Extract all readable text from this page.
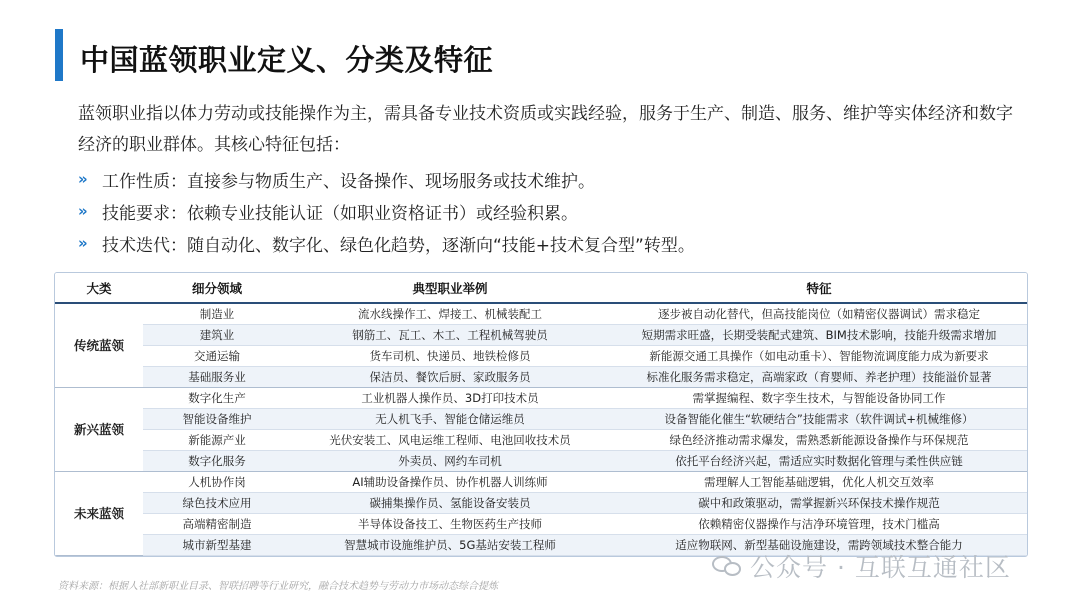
中国蓝领职业定义、分类及特征

蓝领职业指以体力劳动或技能操作为主，需具备专业技术资质或实践经验，服务于生产、制造、服务、维护等实体经济和数字经济的职业群体。其核心特征包括：

» 工作性质：直接参与物质生产、设备操作、现场服务或技术维护。
» 技能要求：依赖专业技能认证（如职业资格证书）或经验积累。
» 技术迭代：随自动化、数字化、绿色化趋势，逐渐向“技能+技术复合型”转型。
大类	细分领域	典型职业举例	特征
传统蓝领	制造业	流水线操作工、焊接工、机械装配工	逐步被自动化替代，但高技能岗位（如精密仪器调试）需求稳定
	建筑业	钢筋工、瓦工、木工、工程机械驾驶员	短期需求旺盛，长期受装配式建筑、BIM技术影响，技能升级需求增加
	交通运输	货车司机、快递员、地铁检修员	新能源交通工具操作（如电动重卡）、智能物流调度能力成为新要求
	基础服务业	保洁员、餐饮后厨、家政服务员	标准化服务需求稳定，高端家政（育婴师、养老护理）技能溢价显著
新兴蓝领	数字化生产	工业机器人操作员、3D打印技术员	需掌握编程、数字孪生技术，与智能设备协同工作
	智能设备维护	无人机飞手、智能仓储运维员	设备智能化催生“软硬结合”技能需求（软件调试+机械维修）
	新能源产业	光伏安装工、风电运维工程师、电池回收技术员	绿色经济推动需求爆发，需熟悉新能源设备操作与环保规范
	数字化服务	外卖员、网约车司机	依托平台经济兴起，需适应实时数据化管理与柔性供应链
未来蓝领	人机协作岗	AI辅助设备操作员、协作机器人训练师	需理解人工智能基础逻辑，优化人机交互效率
	绿色技术应用	碳捕集操作员、氢能设备安装员	碳中和政策驱动，需掌握新兴环保技术操作规范
	高端精密制造	半导体设备技工、生物医药生产技师	依赖精密仪器操作与洁净环境管理，技术门槛高
	城市新型基建	智慧城市设施维护员、5G基站安装工程师	适应物联网、新型基础设施建设，需跨领域技术整合能力
资料来源：根据人社部新职业目录、智联招聘等行业研究，融合技术趋势与劳动力市场动态综合提炼
公众号 · 互联互通社区
